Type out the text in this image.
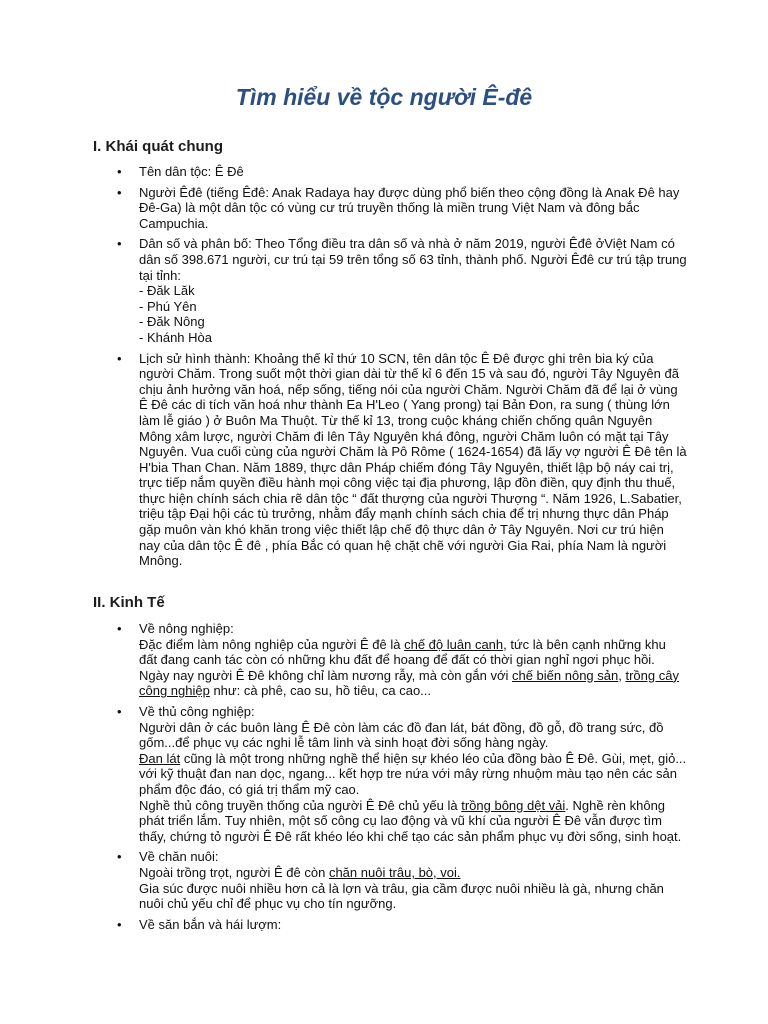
Tìm hiểu về tộc người Ê-đê
I. Khái quát chung
• Tên dân tộc: Ê Đê
• Người Êđê (tiếng Êđê: Anak Radaya hay được dùng phổ biến theo cộng đồng là Anak Đê hay Đê-Ga) là một dân tộc có vùng cư trú truyền thống là miền trung Việt Nam và đông bắc Campuchia.
• Dân số và phân bố: Theo Tổng điều tra dân số và nhà ở năm 2019, người Êđê ởViệt Nam có dân số 398.671 người, cư trú tại 59 trên tổng số 63 tỉnh, thành phố. Người Êđê cư trú tập trung tại tỉnh:
- Đăk Lăk
- Phú Yên
- Đăk Nông
- Khánh Hòa
• Lịch sử hình thành: Khoảng thế kỉ thứ 10 SCN, tên dân tộc Ê Đê được ghi trên bia ký của người Chăm. Trong suốt một thời gian dài từ thế kỉ 6 đến 15 và sau đó, người Tây Nguyên đã chịu ảnh hưởng văn hoá, nếp sống, tiếng nói của người Chăm. Người Chăm đã để lại ở vùng Ê Đê các di tích văn hoá như thành Ea H'Leo ( Yang prong) tại Bản Đon, ra sung ( thùng lớn làm lễ giáo ) ở Buôn Ma Thuột. Từ thế kỉ 13, trong cuộc kháng chiến chống quân Nguyên Mông xâm lược, người Chăm đi lên Tây Nguyên khá đông, người Chăm luôn có mặt tại Tây Nguyên. Vua cuối cùng của người Chăm là Pô Rôme ( 1624-1654) đã lấy vợ người Ê Đê tên là H'bia Than Chan. Năm 1889, thực dân Pháp chiếm đóng Tây Nguyên, thiết lập bộ náy cai trị, trực tiếp nắm quyền điều hành mọi công việc tại địa phương, lập đồn điền, quy định thu thuế, thực hiện chính sách chia rẽ dân tộc “ đất thượng của người Thượng “. Năm 1926, L.Sabatier, triệu tập Đại hội các tù trưởng, nhằm đẩy mạnh chính sách chia để trị nhưng thực dân Pháp gặp muôn vàn khó khăn trong việc thiết lập chế độ thực dân ở Tây Nguyên. Nơi cư trú hiện nay của dân tộc Ê đê , phía Bắc có quan hệ chặt chẽ với người Gia Rai, phía Nam là người Mnông.
II. Kinh Tế
• Về nông nghiệp:
Đặc điểm làm nông nghiệp của người Ê đê là chế độ luân canh, tức là bên cạnh những khu đất đang canh tác còn có những khu đất để hoang để đất có thời gian nghỉ ngơi phục hồi. Ngày nay người Ê Đê không chỉ làm nương rẫy, mà còn gắn với chế biến nông sản, trồng cây công nghiệp như: cà phê, cao su, hồ tiêu, ca cao...
• Về thủ công nghiệp:
Người dân ở các buôn làng Ê Đê còn làm các đồ đan lát, bát đồng, đồ gỗ, đồ trang sức, đồ gốm...để phục vụ các nghi lễ tâm linh và sinh hoạt đời sống hàng ngày.
Đan lát cũng là một trong những nghề thể hiện sự khéo léo của đồng bào Ê Đê. Gùi, mẹt, giỏ... với kỹ thuật đan nan dọc, ngang... kết hợp tre nứa với mây rừng nhuộm màu tạo nên các sản phẩm độc đáo, có giá trị thẩm mỹ cao.
Nghề thủ công truyền thống của người Ê Đê chủ yếu là trồng bông dệt vải. Nghề rèn không phát triển lắm. Tuy nhiên, một số công cụ lao động và vũ khí của người Ê Đê vẫn được tìm thấy, chứng tỏ người Ê Đê rất khéo léo khi chế tạo các sản phẩm phục vụ đời sống, sinh hoạt.
• Về chăn nuôi:
Ngoài trồng trọt, người Ê đê còn chăn nuôi trâu, bò, voi.
Gia súc được nuôi nhiều hơn cả là lợn và trâu, gia cầm được nuôi nhiều là gà, nhưng chăn nuôi chủ yếu chỉ để phục vụ cho tín ngưỡng.
• Về săn bắn và hái lượm:
